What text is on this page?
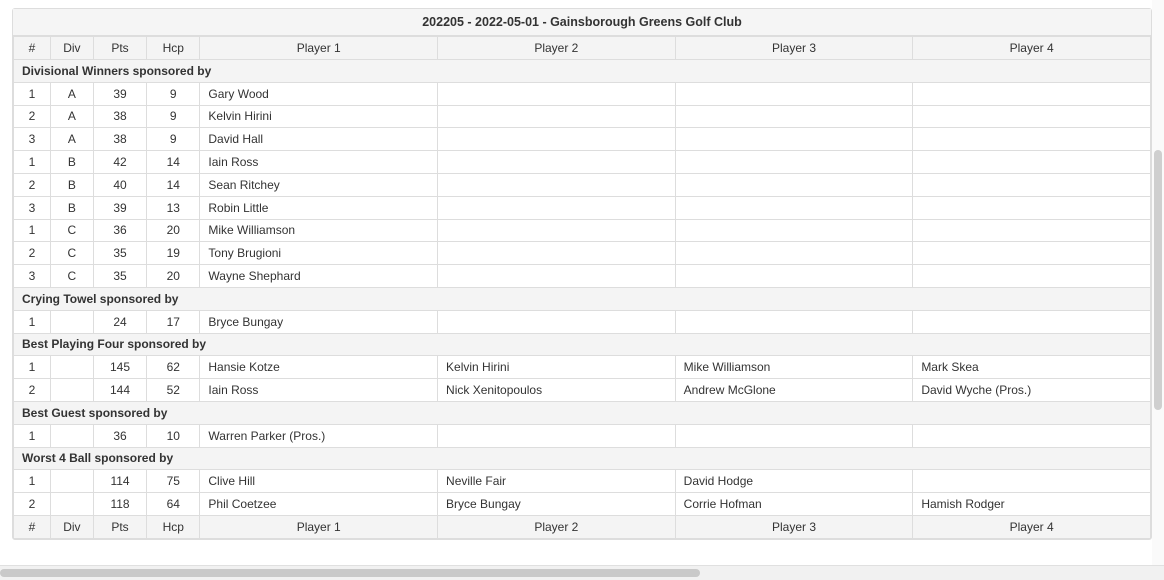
202205 - 2022-05-01 - Gainsborough Greens Golf Club
#	Div	Pts	Hcp	Player 1	Player 2	Player 3	Player 4
Divisional Winners sponsored by							
1	A	39	9	Gary Wood			
2	A	38	9	Kelvin Hirini			
3	A	38	9	David Hall			
1	B	42	14	Iain Ross			
2	B	40	14	Sean Ritchey			
3	B	39	13	Robin Little			
1	C	36	20	Mike Williamson			
2	C	35	19	Tony Brugioni			
3	C	35	20	Wayne Shephard			
Crying Towel sponsored by							
1		24	17	Bryce Bungay			
Best Playing Four sponsored by							
1		145	62	Hansie Kotze	Kelvin Hirini	Mike Williamson	Mark Skea
2		144	52	Iain Ross	Nick Xenitopoulos	Andrew McGlone	David Wyche (Pros.)
Best Guest sponsored by							
1		36	10	Warren Parker (Pros.)			
Worst 4 Ball sponsored by							
1		114	75	Clive Hill	Neville Fair	David Hodge	
2		118	64	Phil Coetzee	Bryce Bungay	Corrie Hofman	Hamish Rodger
#	Div	Pts	Hcp	Player 1	Player 2	Player 3	Player 4
